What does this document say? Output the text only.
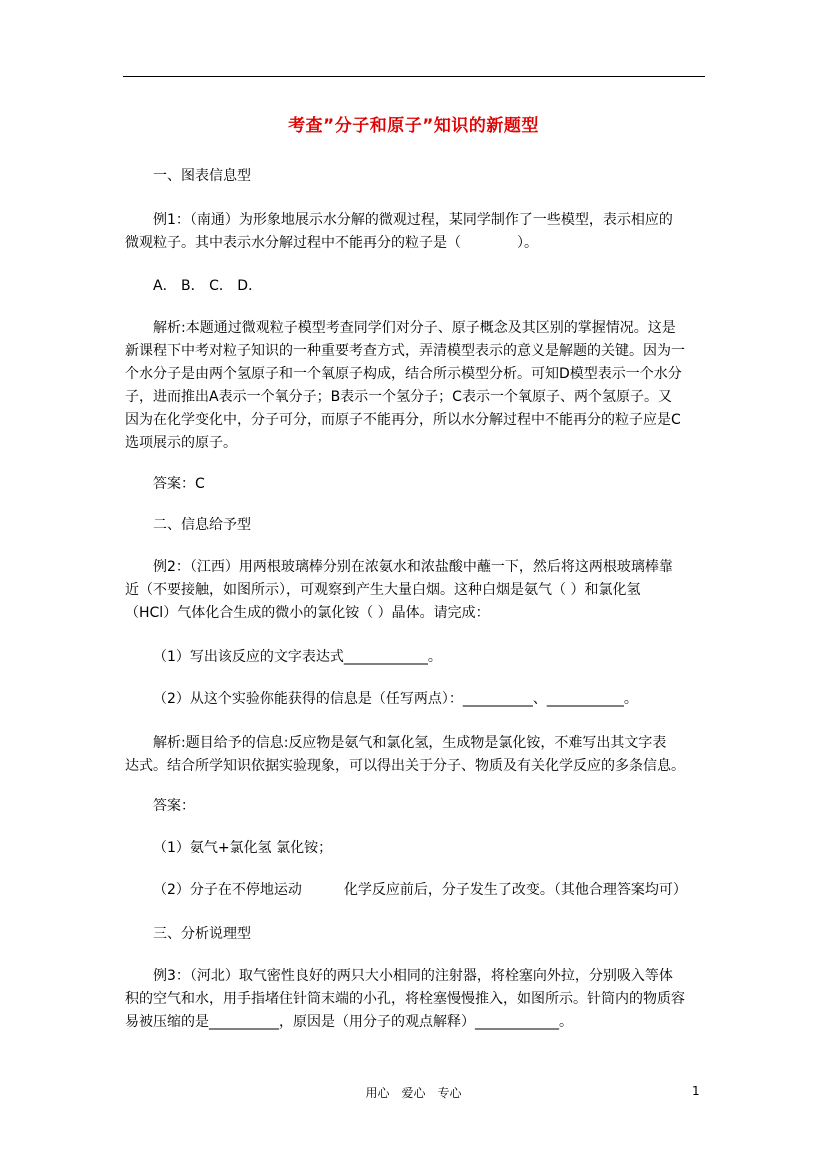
考查”分子和原子”知识的新题型
一、图表信息型
例1：（南通）为形象地展示水分解的微观过程，某同学制作了一些模型，表示相应的
微观粒子。其中表示水分解过程中不能再分的粒子是（　　　　）。
A． B． C． D．
解析:本题通过微观粒子模型考查同学们对分子、原子概念及其区别的掌握情况。这是
新课程下中考对粒子知识的一种重要考查方式，弄清模型表示的意义是解题的关键。因为一
个水分子是由两个氢原子和一个氧原子构成，结合所示模型分析。可知D模型表示一个水分
子，进而推出A表示一个氧分子；B表示一个氢分子；C表示一个氧原子、两个氢原子。又
因为在化学变化中，分子可分，而原子不能再分，所以水分解过程中不能再分的粒子应是C
选项展示的原子。
答案：C
二、信息给予型
例2：（江西）用两根玻璃棒分别在浓氨水和浓盐酸中蘸一下，然后将这两根玻璃棒靠
近（不要接触，如图所示），可观察到产生大量白烟。这种白烟是氨气（ ）和氯化氢
（HCl）气体化合生成的微小的氯化铵（ ）晶体。请完成：
（1）写出该反应的文字表达式____________。
（2）从这个实验你能获得的信息是（任写两点）：__________、___________。
解析:题目给予的信息:反应物是氨气和氯化氢，生成物是氯化铵，不难写出其文字表
达式。结合所学知识依据实验现象，可以得出关于分子、物质及有关化学反应的多条信息。
答案：
（1）氨气+氯化氢 氯化铵；
（2）分子在不停地运动　　　化学反应前后，分子发生了改变。（其他合理答案均可）
三、分析说理型
例3：（河北）取气密性良好的两只大小相同的注射器，将栓塞向外拉，分别吸入等体
积的空气和水，用手指堵住针筒末端的小孔，将栓塞慢慢推入，如图所示。针筒内的物质容
易被压缩的是__________，原因是（用分子的观点解释）____________。
用心　爱心　专心	1
